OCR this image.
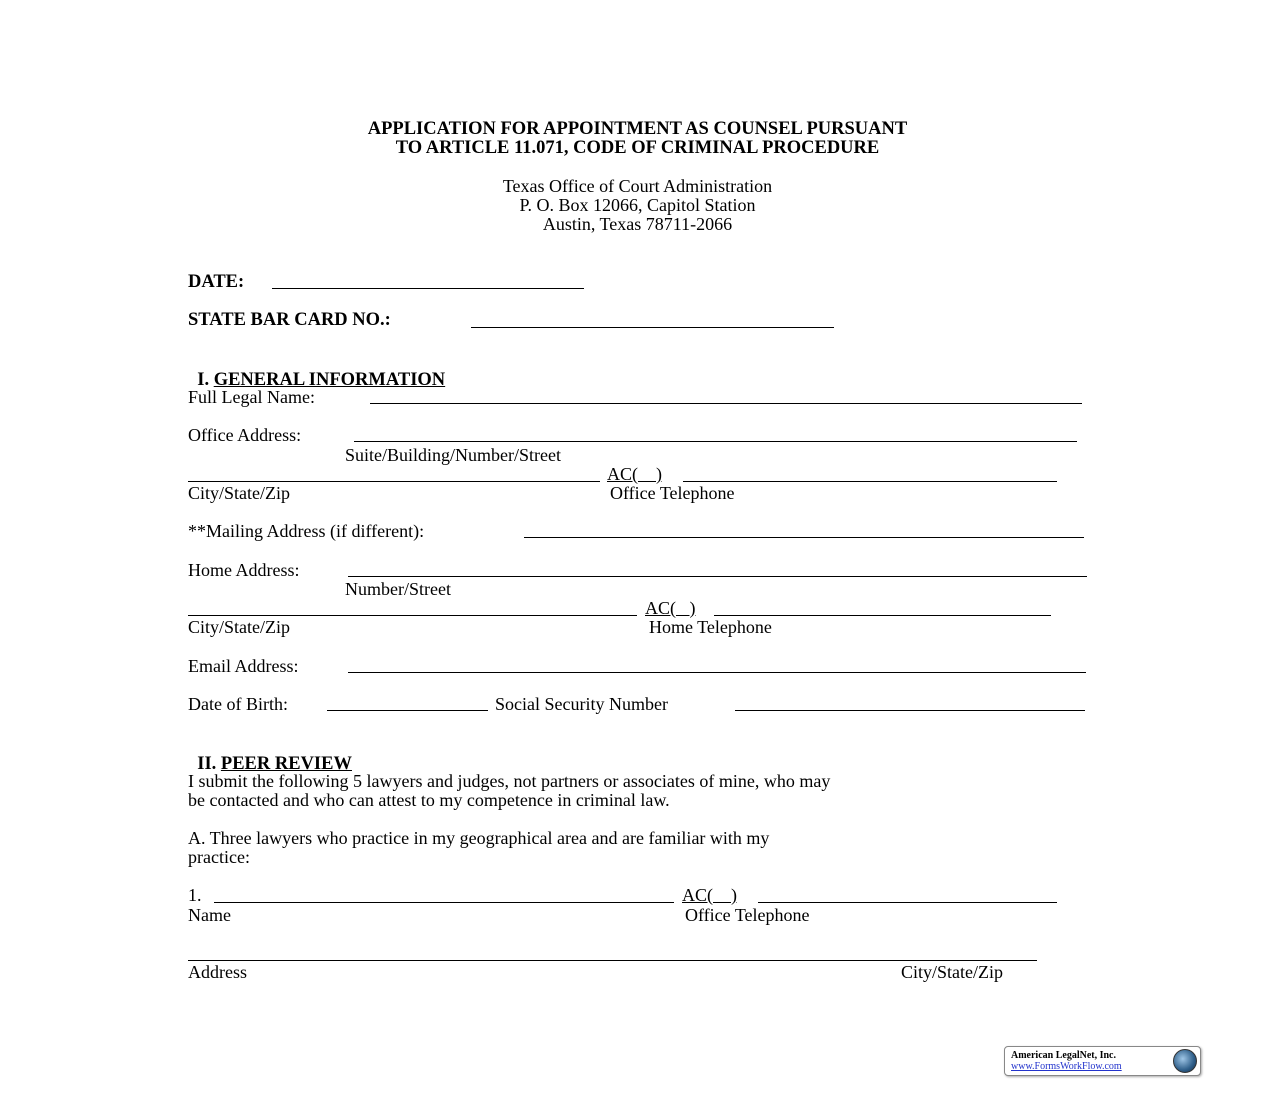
APPLICATION FOR APPOINTMENT AS COUNSEL PURSUANT
TO ARTICLE 11.071, CODE OF CRIMINAL PROCEDURE
Texas Office of Court Administration
P. O. Box 12066, Capitol Station
Austin, Texas 78711-2066
DATE:
STATE BAR CARD NO.:

I. GENERAL INFORMATION

Full Legal Name:
Office Address:
Suite/Building/Number/Street
AC(    )
City/State/Zip	Office Telephone
**Mailing Address (if different):
Home Address:
Number/Street
AC(   )
City/State/Zip	Home Telephone
Email Address:
Date of Birth:	Social Security Number

II. PEER REVIEW

I submit the following 5 lawyers and judges, not partners or associates of mine, who may
be contacted and who can attest to my competence in criminal law.
A. Three lawyers who practice in my geographical area and are familiar with my
practice:
1.	AC(    )
Name	Office Telephone
Address	City/State/Zip
American LegalNet, Inc.
www.FormsWorkFlow.com
